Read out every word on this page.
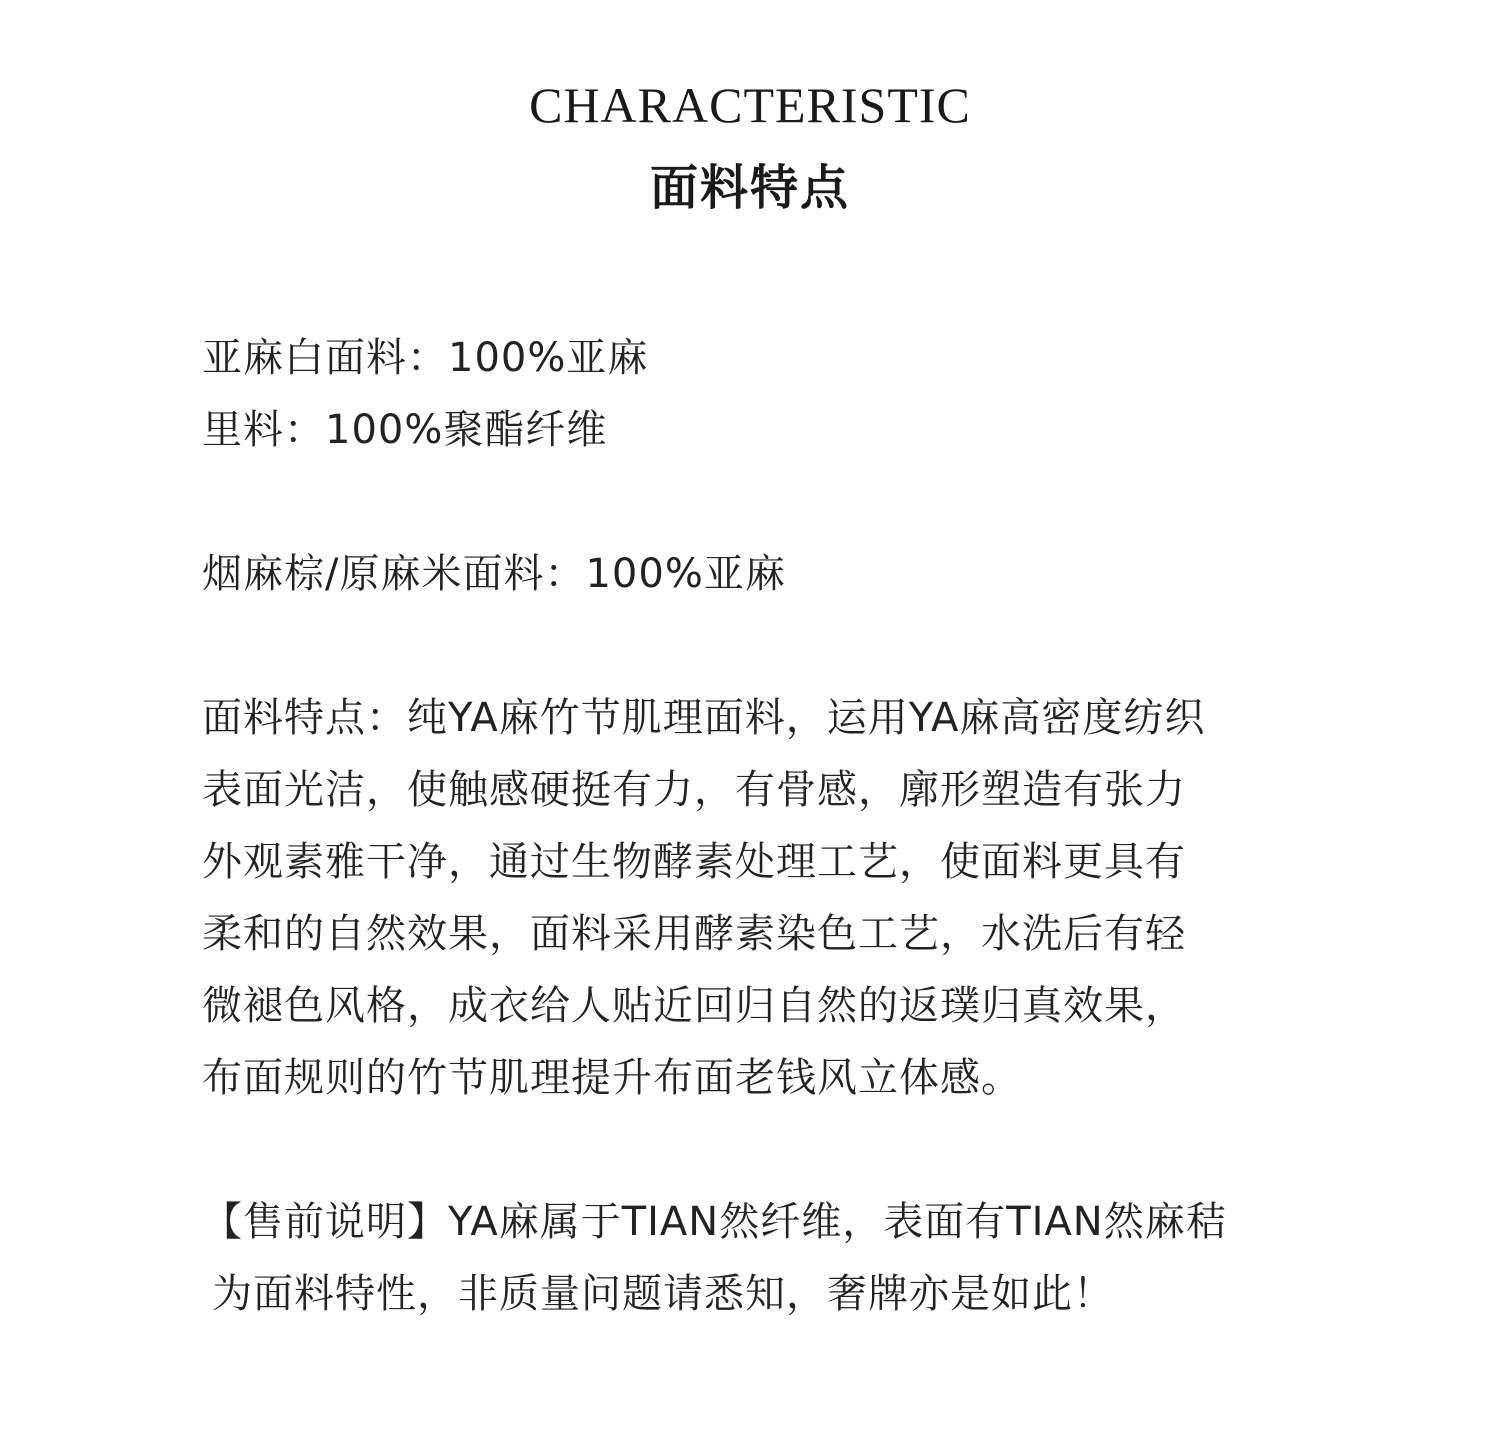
CHARACTERISTIC
面料特点
亚麻白面料：100%亚麻
里料：100%聚酯纤维
烟麻棕/原麻米面料：100%亚麻
面料特点：纯YA麻竹节肌理面料，运用YA麻高密度纺织
表面光洁，使触感硬挺有力，有骨感，廓形塑造有张力
外观素雅干净，通过生物酵素处理工艺，使面料更具有
柔和的自然效果，面料采用酵素染色工艺，水洗后有轻
微褪色风格，成衣给人贴近回归自然的返璞归真效果，
布面规则的竹节肌理提升布面老钱风立体感。
【售前说明】YA麻属于TIAN然纤维，表面有TIAN然麻秸
为面料特性，非质量问题请悉知，奢牌亦是如此！
